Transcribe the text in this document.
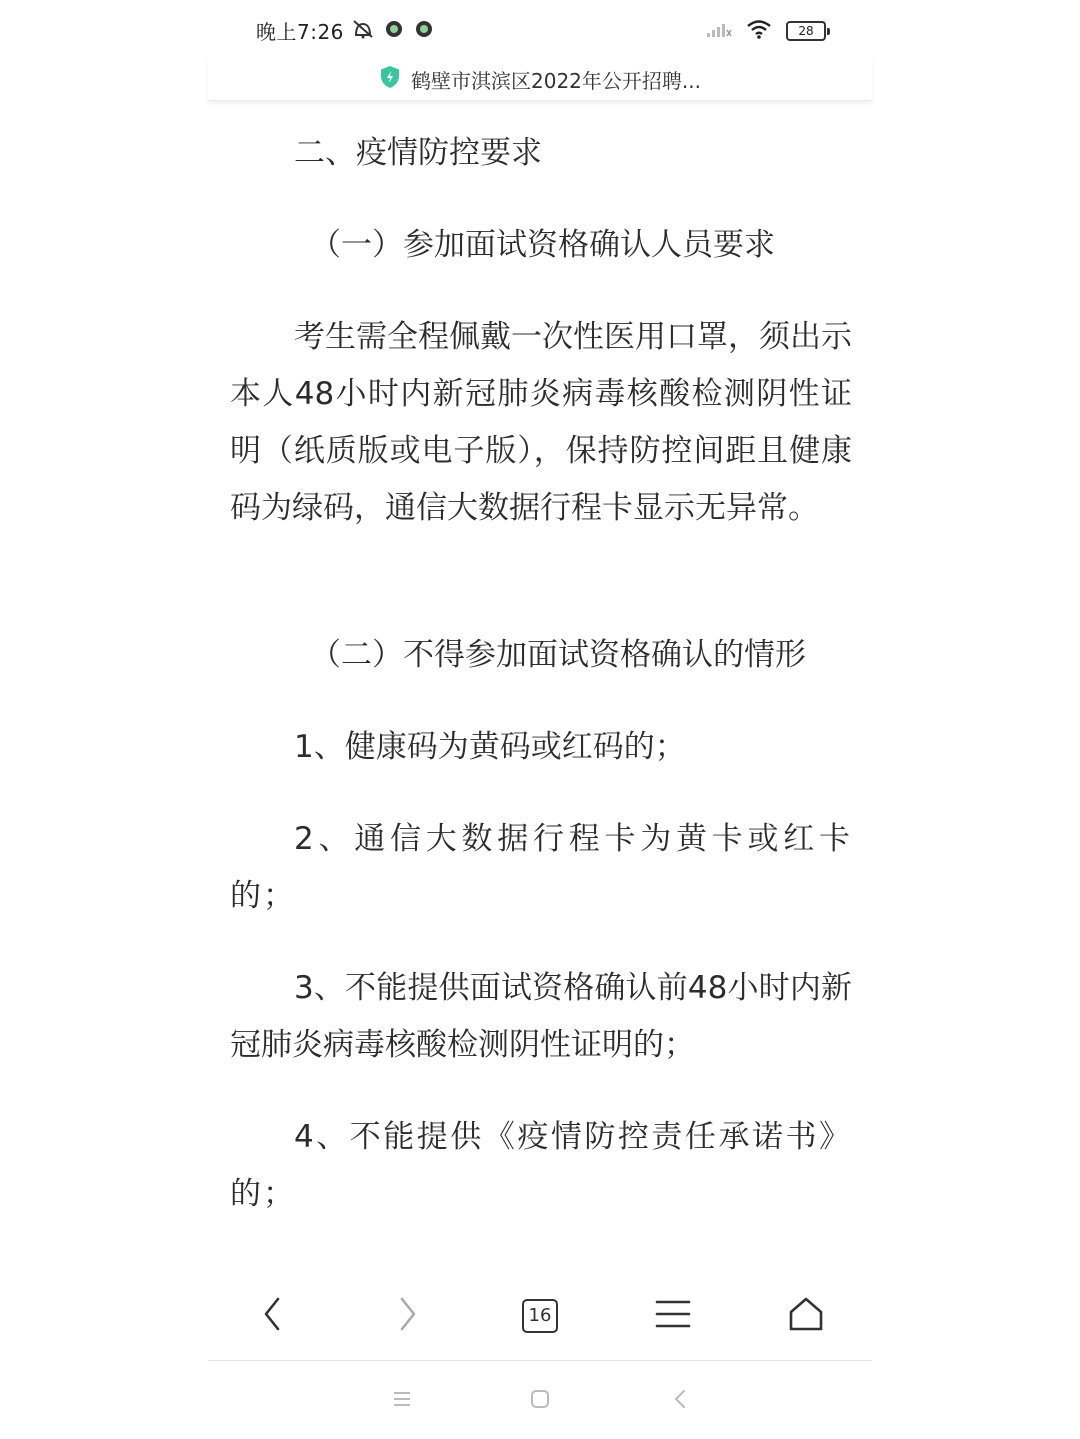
晚上7:26	28
鹤壁市淇滨区2022年公开招聘...

二、疫情防控要求

（一）参加面试资格确认人员要求

考生需全程佩戴一次性医用口罩，须出示本人48小时内新冠肺炎病毒核酸检测阴性证明（纸质版或电子版），保持防控间距且健康码为绿码，通信大数据行程卡显示无异常。

（二）不得参加面试资格确认的情形

1、健康码为黄码或红码的；

2、通信大数据行程卡为黄卡或红卡的；

3、不能提供面试资格确认前48小时内新冠肺炎病毒核酸检测阴性证明的；

4、不能提供《疫情防控责任承诺书》的；

16
